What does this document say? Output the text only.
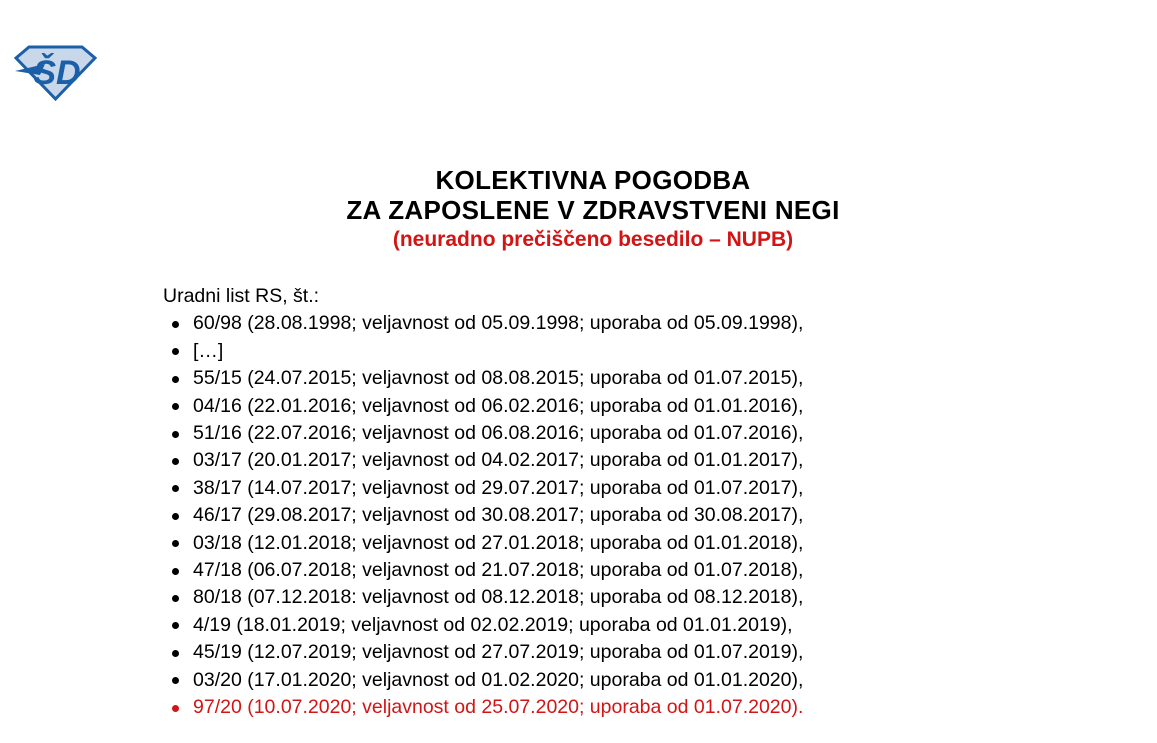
ŠD
KOLEKTIVNA POGODBA
ZA ZAPOSLENE V ZDRAVSTVENI NEGI
(neuradno prečiščeno besedilo – NUPB)
Uradni list RS, št.:
60/98 (28.08.1998; veljavnost od 05.09.1998; uporaba od 05.09.1998),
[…]
55/15 (24.07.2015; veljavnost od 08.08.2015; uporaba od 01.07.2015),
04/16 (22.01.2016; veljavnost od 06.02.2016; uporaba od 01.01.2016),
51/16 (22.07.2016; veljavnost od 06.08.2016; uporaba od 01.07.2016),
03/17 (20.01.2017; veljavnost od 04.02.2017; uporaba od 01.01.2017),
38/17 (14.07.2017; veljavnost od 29.07.2017; uporaba od 01.07.2017),
46/17 (29.08.2017; veljavnost od 30.08.2017; uporaba od 30.08.2017),
03/18 (12.01.2018; veljavnost od 27.01.2018; uporaba od 01.01.2018),
47/18 (06.07.2018; veljavnost od 21.07.2018; uporaba od 01.07.2018),
80/18 (07.12.2018: veljavnost od 08.12.2018; uporaba od 08.12.2018),
4/19 (18.01.2019; veljavnost od 02.02.2019; uporaba od 01.01.2019),
45/19 (12.07.2019; veljavnost od 27.07.2019; uporaba od 01.07.2019),
03/20 (17.01.2020; veljavnost od 01.02.2020; uporaba od 01.01.2020),
97/20 (10.07.2020; veljavnost od 25.07.2020; uporaba od 01.07.2020).
